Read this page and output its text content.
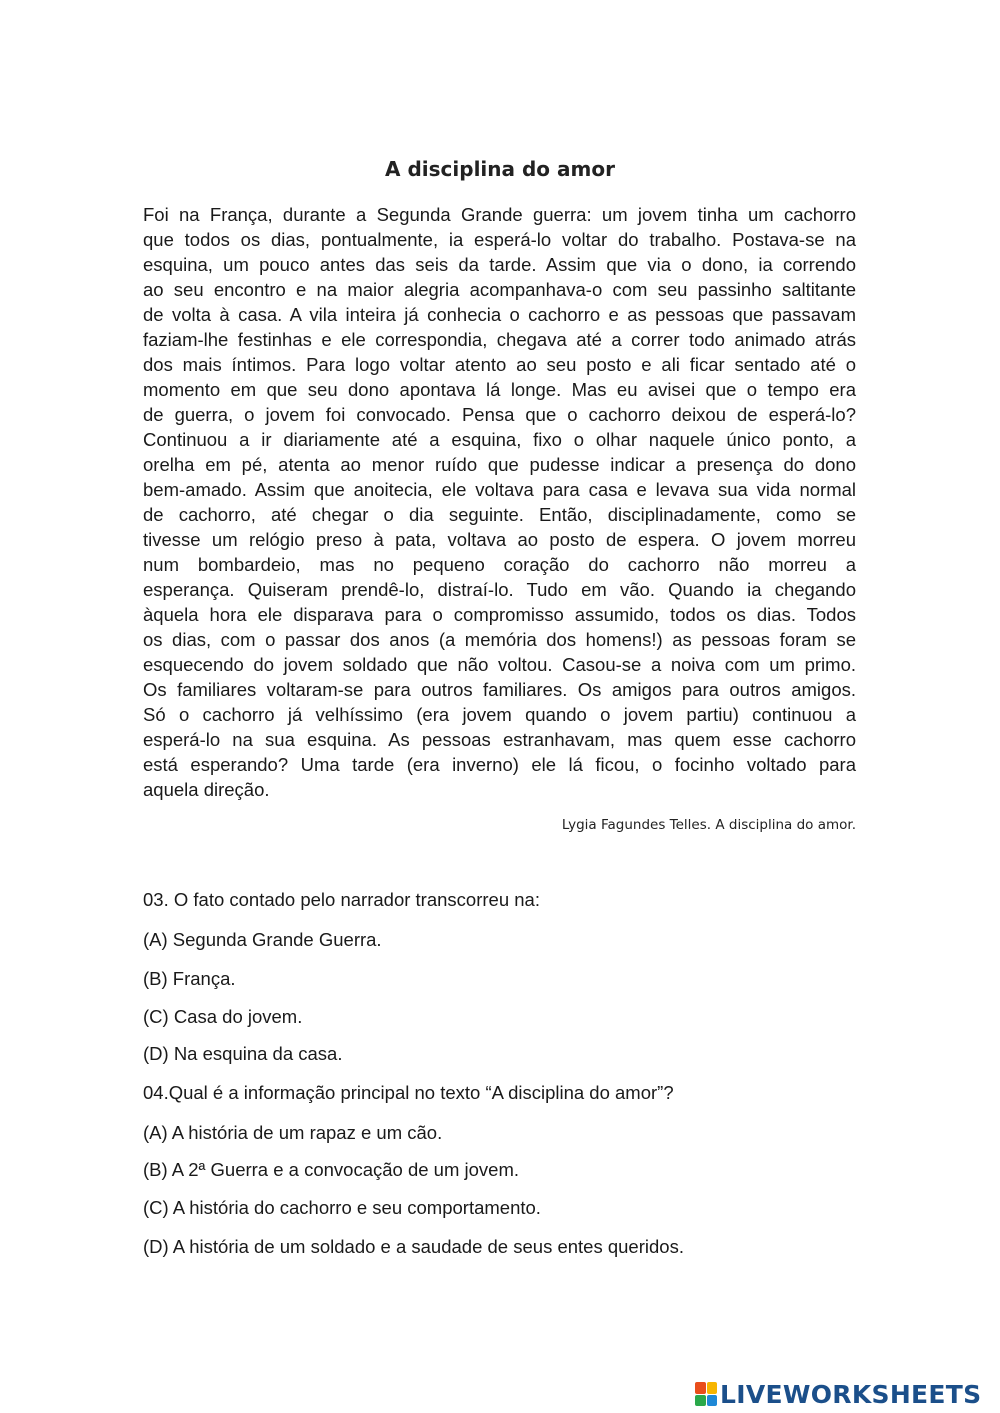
A disciplina do amor
Foi na França, durante a Segunda Grande guerra: um jovem tinha um cachorro
que todos os dias, pontualmente, ia esperá-lo voltar do trabalho. Postava-se na
esquina, um pouco antes das seis da tarde. Assim que via o dono, ia correndo
ao seu encontro e na maior alegria acompanhava-o com seu passinho saltitante
de volta à casa. A vila inteira já conhecia o cachorro e as pessoas que passavam
faziam-lhe festinhas e ele correspondia, chegava até a correr todo animado atrás
dos mais íntimos. Para logo voltar atento ao seu posto e ali ficar sentado até o
momento em que seu dono apontava lá longe. Mas eu avisei que o tempo era
de guerra, o jovem foi convocado. Pensa que o cachorro deixou de esperá-lo?
Continuou a ir diariamente até a esquina, fixo o olhar naquele único ponto, a
orelha em pé, atenta ao menor ruído que pudesse indicar a presença do dono
bem-amado. Assim que anoitecia, ele voltava para casa e levava sua vida normal
de cachorro, até chegar o dia seguinte. Então, disciplinadamente, como se
tivesse um relógio preso à pata, voltava ao posto de espera. O jovem morreu
num bombardeio, mas no pequeno coração do cachorro não morreu a
esperança. Quiseram prendê-lo, distraí-lo. Tudo em vão. Quando ia chegando
àquela hora ele disparava para o compromisso assumido, todos os dias. Todos
os dias, com o passar dos anos (a memória dos homens!) as pessoas foram se
esquecendo do jovem soldado que não voltou. Casou-se a noiva com um primo.
Os familiares voltaram-se para outros familiares. Os amigos para outros amigos.
Só o cachorro já velhíssimo (era jovem quando o jovem partiu) continuou a
esperá-lo na sua esquina. As pessoas estranhavam, mas quem esse cachorro
está esperando? Uma tarde (era inverno) ele lá ficou, o focinho voltado para
aquela direção.
Lygia Fagundes Telles. A disciplina do amor.

03. O fato contado pelo narrador transcorreu na:

(A) Segunda Grande Guerra.

(B) França.

(C) Casa do jovem.

(D) Na esquina da casa.

04.Qual é a informação principal no texto “A disciplina do amor”?

(A) A história de um rapaz e um cão.

(B) A 2ª Guerra e a convocação de um jovem.

(C) A história do cachorro e seu comportamento.

(D) A história de um soldado e a saudade de seus entes queridos.

LIVEWORKSHEETS
